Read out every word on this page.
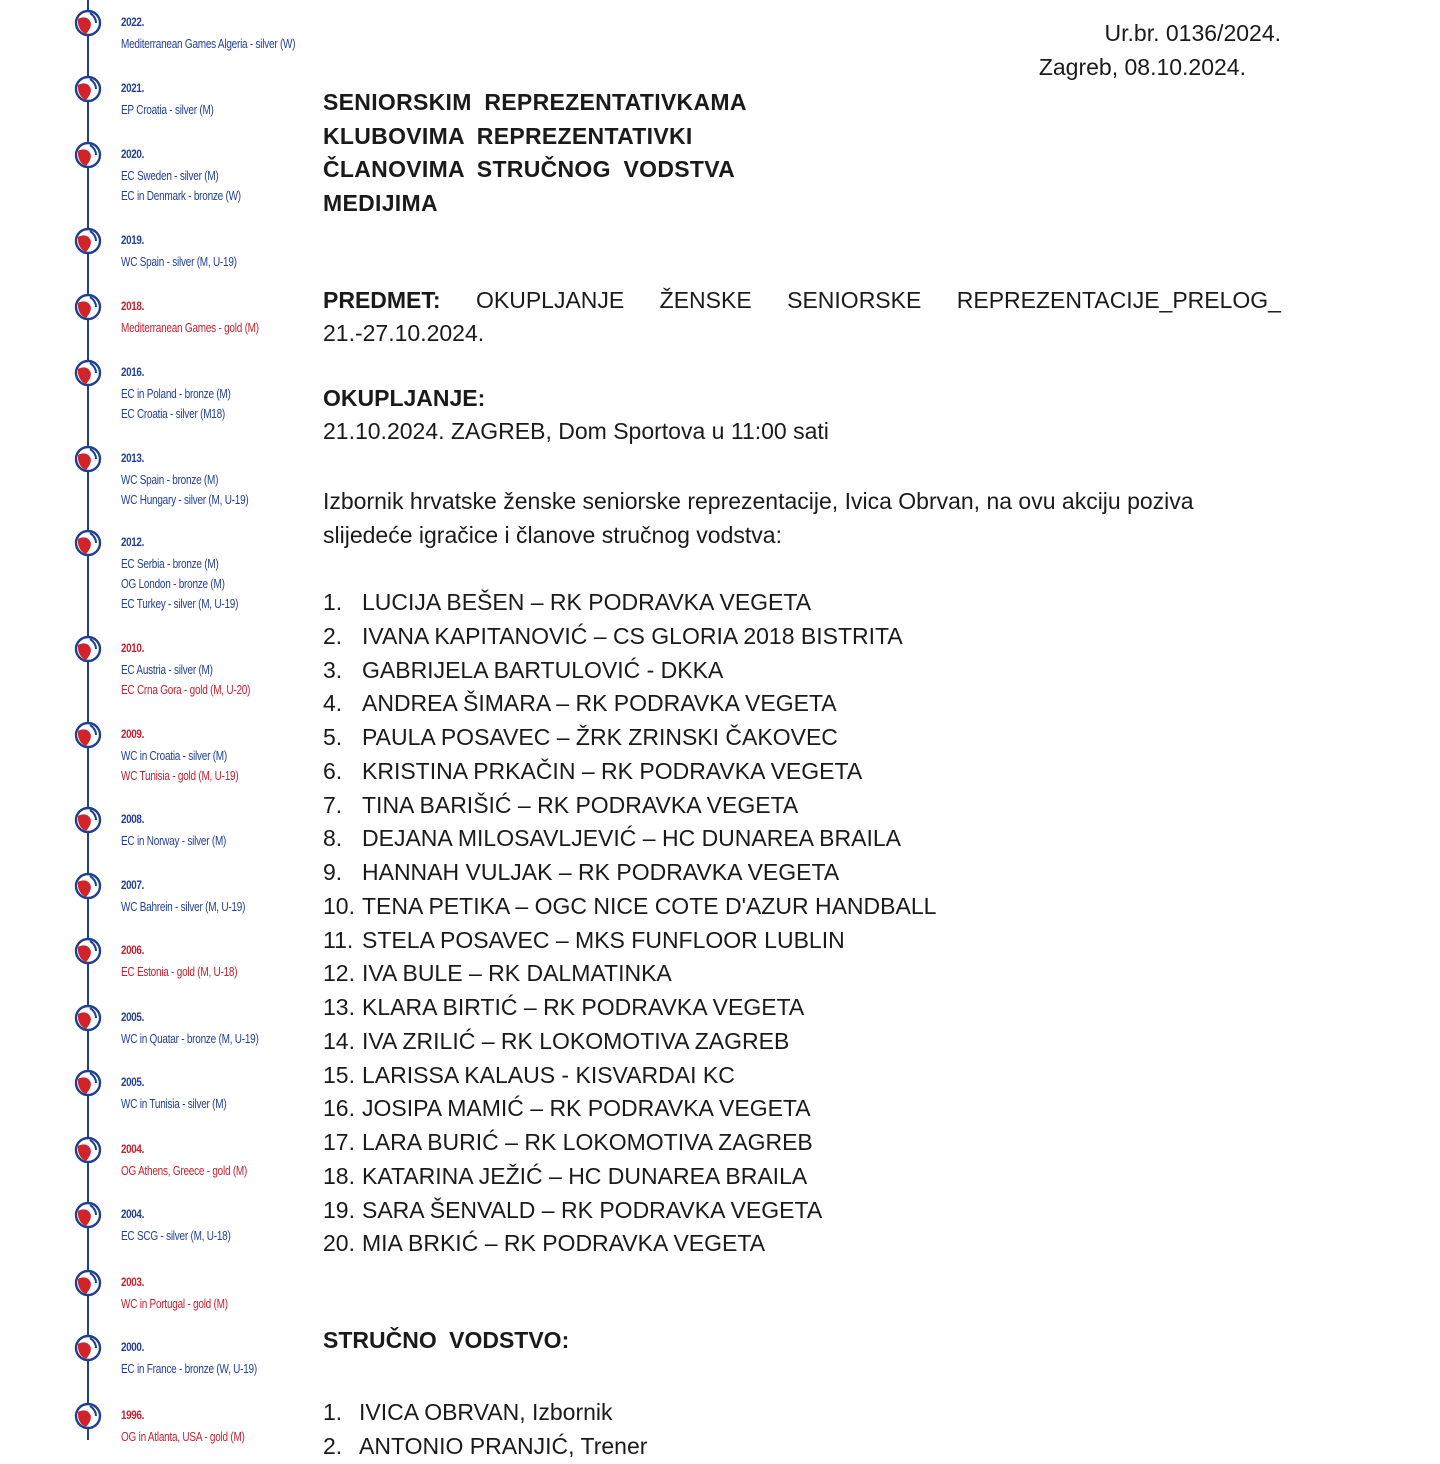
2022.
Mediterranean Games Algeria - silver (W)
2021.
EP Croatia - silver (M)
2020.
EC Sweden - silver (M)
EC in Denmark - bronze (W)
2019.
WC Spain - silver (M, U-19)
2018.
Mediterranean Games - gold (M)
2016.
EC in Poland - bronze (M)
EC Croatia - silver (M18)
2013.
WC Spain - bronze (M)
WC Hungary - silver (M, U-19)
2012.
EC Serbia - bronze (M)
OG London - bronze (M)
EC Turkey - silver (M, U-19)
2010.
EC Austria - silver (M)
EC Crna Gora - gold (M, U-20)
2009.
WC in Croatia - silver (M)
WC Tunisia - gold (M, U-19)
2008.
EC in Norway - silver (M)
2007.
WC Bahrein - silver (M, U-19)
2006.
EC Estonia - gold (M, U-18)
2005.
WC in Quatar - bronze (M, U-19)
2005.
WC in Tunisia - silver (M)
2004.
OG Athens, Greece - gold (M)
2004.
EC SCG - silver (M, U-18)
2003.
WC in Portugal - gold (M)
2000.
EC in France - bronze (W, U-19)
1996.
OG in Atlanta, USA - gold (M)
Ur.br. 0136/2024.
Zagreb, 08.10.2024.
SENIORSKIM REPREZENTATIVKAMA
KLUBOVIMA REPREZENTATIVKI
ČLANOVIMA STRUČNOG VODSTVA
MEDIJIMA
PREDMET: OKUPLJANJE ŽENSKE SENIORSKE REPREZENTACIJE_PRELOG_
21.-27.10.2024.
OKUPLJANJE:
21.10.2024. ZAGREB, Dom Sportova u 11:00 sati
Izbornik hrvatske ženske seniorske reprezentacije, Ivica Obrvan, na ovu akciju poziva slijedeće igračice i članove stručnog vodstva:
1. LUCIJA BEŠEN – RK PODRAVKA VEGETA
2. IVANA KAPITANOVIĆ – CS GLORIA 2018 BISTRITA
3. GABRIJELA BARTULOVIĆ - DKKA
4. ANDREA ŠIMARA – RK PODRAVKA VEGETA
5. PAULA POSAVEC – ŽRK ZRINSKI ČAKOVEC
6. KRISTINA PRKAČIN – RK PODRAVKA VEGETA
7. TINA BARIŠIĆ – RK PODRAVKA VEGETA
8. DEJANA MILOSAVLJEVIĆ – HC DUNAREA BRAILA
9. HANNAH VULJAK – RK PODRAVKA VEGETA
10. TENA PETIKA – OGC NICE COTE D'AZUR HANDBALL
11. STELA POSAVEC – MKS FUNFLOOR LUBLIN
12. IVA BULE – RK DALMATINKA
13. KLARA BIRTIĆ – RK PODRAVKA VEGETA
14. IVA ZRILIĆ – RK LOKOMOTIVA ZAGREB
15. LARISSA KALAUS - KISVARDAI KC
16. JOSIPA MAMIĆ – RK PODRAVKA VEGETA
17. LARA BURIĆ – RK LOKOMOTIVA ZAGREB
18. KATARINA JEŽIĆ – HC DUNAREA BRAILA
19. SARA ŠENVALD – RK PODRAVKA VEGETA
20. MIA BRKIĆ – RK PODRAVKA VEGETA
STRUČNO VODSTVO:
1. IVICA OBRVAN, Izbornik
2. ANTONIO PRANJIĆ, Trener
